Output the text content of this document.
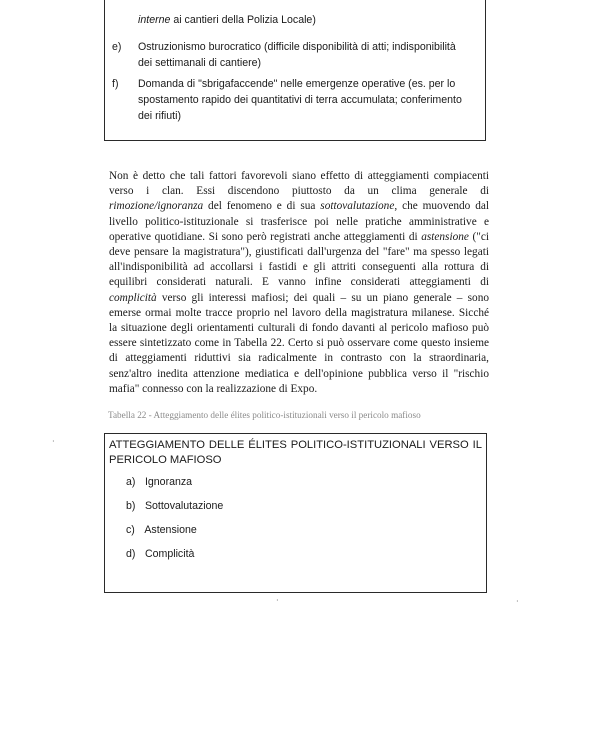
interne ai cantieri della Polizia Locale)
e) Ostruzionismo burocratico (difficile disponibilità di atti; indisponibilità
dei settimanali di cantiere)
f) Domanda di "sbrigafaccende" nelle emergenze operative (es. per lo
spostamento rapido dei quantitativi di terra accumulata; conferimento
dei rifiuti)
Non è detto che tali fattori favorevoli siano effetto di atteggiamenti compiacenti
verso i clan. Essi discendono piuttosto da un clima generale di
rimozione/ignoranza del fenomeno e di sua sottovalutazione, che muovendo dal
livello politico-istituzionale si trasferisce poi nelle pratiche amministrative e
operative quotidiane. Si sono però registrati anche atteggiamenti di astensione ("ci
deve pensare la magistratura"), giustificati dall'urgenza del "fare" ma spesso legati
all'indisponibilità ad accollarsi i fastidi e gli attriti conseguenti alla rottura di
equilibri considerati naturali. E vanno infine considerati atteggiamenti di
complicità verso gli interessi mafiosi; dei quali – su un piano generale – sono
emerse ormai molte tracce proprio nel lavoro della magistratura milanese. Sicché
la situazione degli orientamenti culturali di fondo davanti al pericolo mafioso può
essere sintetizzato come in Tabella 22. Certo si può osservare come questo insieme
di atteggiamenti riduttivi sia radicalmente in contrasto con la straordinaria,
senz'altro inedita attenzione mediatica e dell'opinione pubblica verso il "rischio
mafia" connesso con la realizzazione di Expo.
Tabella 22 - Atteggiamento delle élites politico-istituzionali verso il pericolo mafioso
ATTEGGIAMENTO DELLE ÉLITES POLITICO-ISTITUZIONALI VERSO IL
PERICOLO MAFIOSO
a) Ignoranza
b) Sottovalutazione
c) Astensione
d) Complicità
·	·
·
